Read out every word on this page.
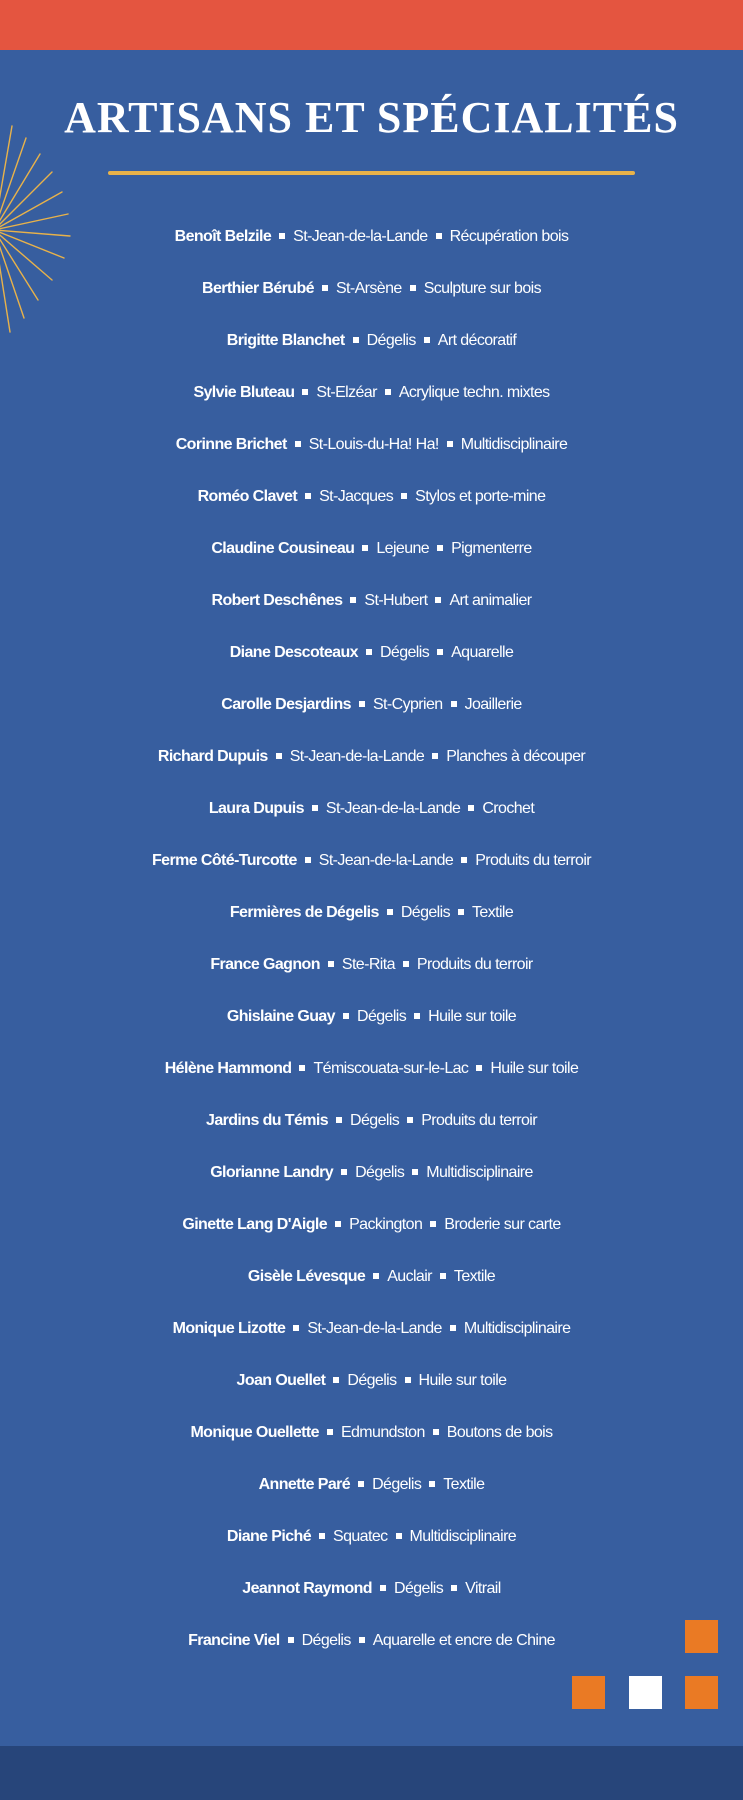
ARTISANS ET SPÉCIALITÉS
Benoît Belzile St-Jean-de-la-Lande Récupération bois
Berthier Bérubé St-Arsène Sculpture sur bois
Brigitte Blanchet Dégelis Art décoratif
Sylvie Bluteau St-Elzéar Acrylique techn. mixtes
Corinne Brichet St-Louis-du-Ha! Ha! Multidisciplinaire
Roméo Clavet St-Jacques Stylos et porte-mine
Claudine Cousineau Lejeune Pigmenterre
Robert Deschênes St-Hubert Art animalier
Diane Descoteaux Dégelis Aquarelle
Carolle Desjardins St-Cyprien Joaillerie
Richard Dupuis St-Jean-de-la-Lande Planches à découper
Laura Dupuis St-Jean-de-la-Lande Crochet
Ferme Côté-Turcotte St-Jean-de-la-Lande Produits du terroir
Fermières de Dégelis Dégelis Textile
France Gagnon Ste-Rita Produits du terroir
Ghislaine Guay Dégelis Huile sur toile
Hélène Hammond Témiscouata-sur-le-Lac Huile sur toile
Jardins du Témis Dégelis Produits du terroir
Glorianne Landry Dégelis Multidisciplinaire
Ginette Lang D'Aigle Packington Broderie sur carte
Gisèle Lévesque Auclair Textile
Monique Lizotte St-Jean-de-la-Lande Multidisciplinaire
Joan Ouellet Dégelis Huile sur toile
Monique Ouellette Edmundston Boutons de bois
Annette Paré Dégelis Textile
Diane Piché Squatec Multidisciplinaire
Jeannot Raymond Dégelis Vitrail
Francine Viel Dégelis Aquarelle et encre de Chine
